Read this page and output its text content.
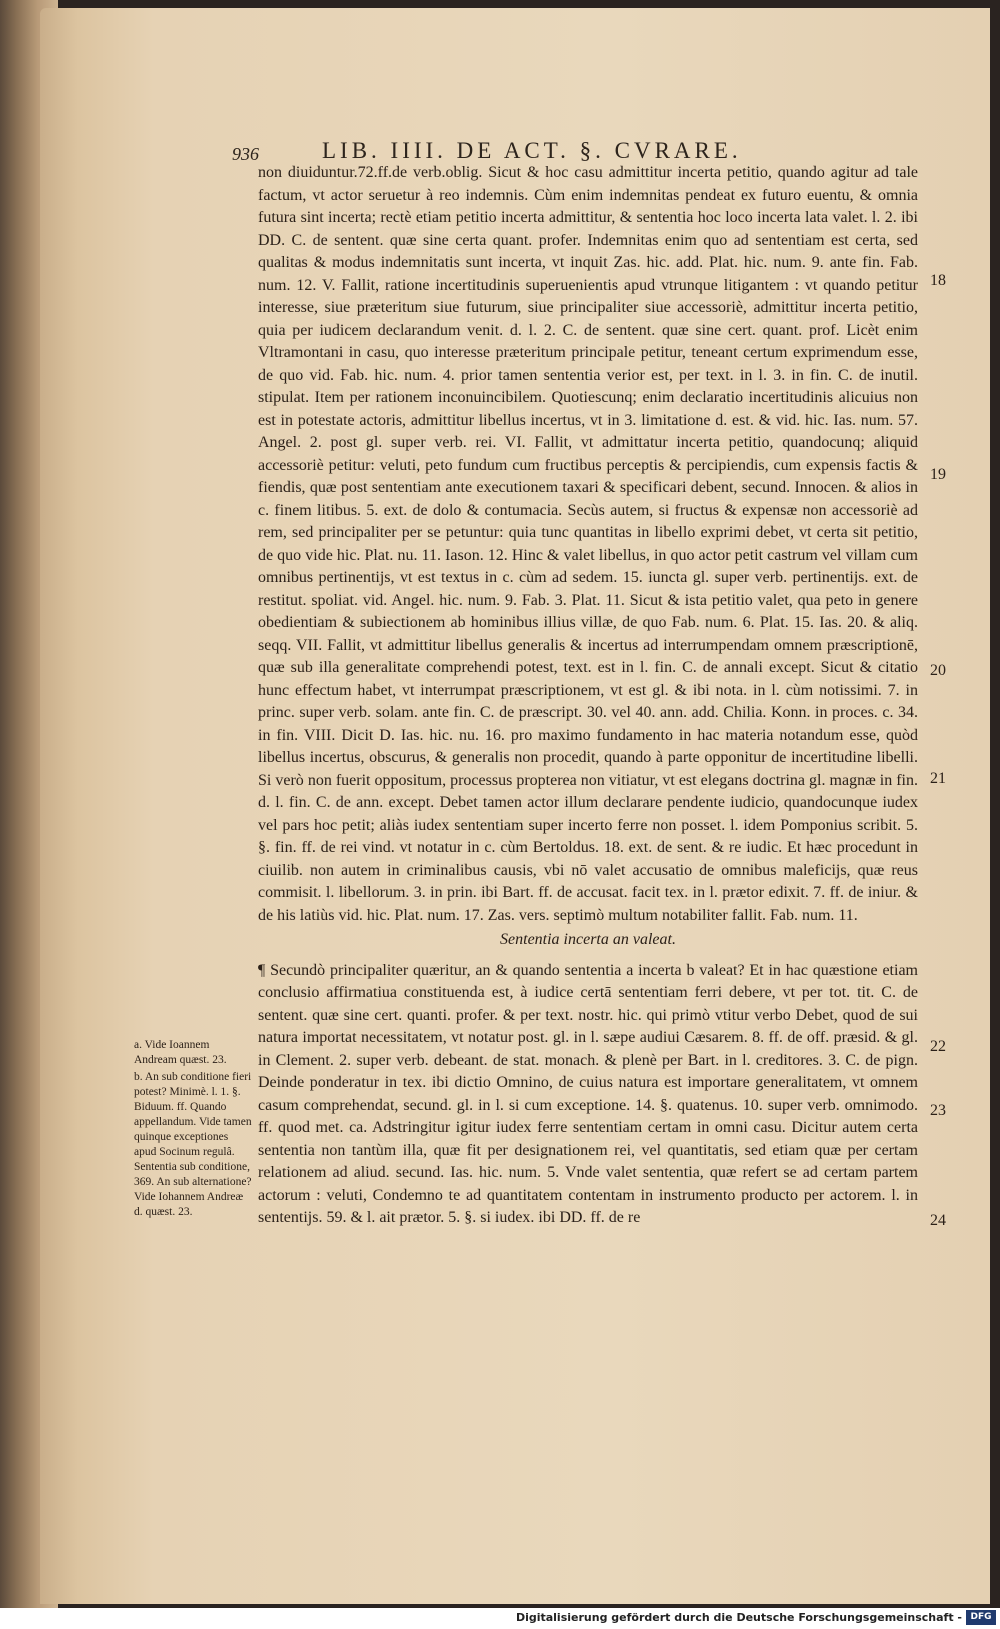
936	LIB. IIII. DE ACT. §. CVRARE.

non diuiduntur.72.ff.de verb.oblig. Sicut & hoc casu admittitur incerta petitio, quando agitur ad tale factum, vt actor seruetur à reo indemnis. Cùm enim indemnitas pendeat ex futuro euentu, & omnia futura sint incerta; rectè etiam petitio incerta admittitur, & sententia hoc loco incerta lata valet. l. 2. ibi DD. C. de sentent. quæ sine certa quant. profer. Indemnitas enim quo ad sententiam est certa, sed qualitas & modus indemnitatis sunt incerta, vt inquit Zas. hic. add. Plat. hic. num. 9. ante fin. Fab. num. 12. V. Fallit, ratione incertitudinis superuenientis apud vtrunque litigantem : vt quando petitur interesse, siue præteritum siue futurum, siue principaliter siue accessoriè, admittitur incerta petitio, quia per iudicem declarandum venit. d. l. 2. C. de sentent. quæ sine cert. quant. prof. Licèt enim Vltramontani in casu, quo interesse præteritum principale petitur, teneant certum exprimendum esse, de quo vid. Fab. hic. num. 4. prior tamen sententia verior est, per text. in l. 3. in fin. C. de inutil. stipulat. Item per rationem inconuincibilem. Quotiescunq; enim declaratio incertitudinis alicuius non est in potestate actoris, admittitur libellus incertus, vt in 3. limitatione d. est. & vid. hic. Ias. num. 57. Angel. 2. post gl. super verb. rei. VI. Fallit, vt admittatur incerta petitio, quandocunq; aliquid accessoriè petitur: veluti, peto fundum cum fructibus perceptis & percipiendis, cum expensis factis & fiendis, quæ post sententiam ante executionem taxari & specificari debent, secund. Innocen. & alios in c. finem litibus. 5. ext. de dolo & contumacia. Secùs autem, si fructus & expensæ non accessoriè ad rem, sed principaliter per se petuntur: quia tunc quantitas in libello exprimi debet, vt certa sit petitio, de quo vide hic. Plat. nu. 11. Iason. 12. Hinc & valet libellus, in quo actor petit castrum vel villam cum omnibus pertinentijs, vt est textus in c. cùm ad sedem. 15. iuncta gl. super verb. pertinentijs. ext. de restitut. spoliat. vid. Angel. hic. num. 9. Fab. 3. Plat. 11. Sicut & ista petitio valet, qua peto in genere obedientiam & subiectionem ab hominibus illius villæ, de quo Fab. num. 6. Plat. 15. Ias. 20. & aliq. seqq. VII. Fallit, vt admittitur libellus generalis & incertus ad interrumpendam omnem præscriptionē, quæ sub illa generalitate comprehendi potest, text. est in l. fin. C. de annali except. Sicut & citatio hunc effectum habet, vt interrumpat præscriptionem, vt est gl. & ibi nota. in l. cùm notissimi. 7. in princ. super verb. solam. ante fin. C. de præscript. 30. vel 40. ann. add. Chilia. Konn. in proces. c. 34. in fin. VIII. Dicit D. Ias. hic. nu. 16. pro maximo fundamento in hac materia notandum esse, quòd libellus incertus, obscurus, & generalis non procedit, quando à parte opponitur de incertitudine libelli. Si verò non fuerit oppositum, processus propterea non vitiatur, vt est elegans doctrina gl. magnæ in fin. d. l. fin. C. de ann. except. Debet tamen actor illum declarare pendente iudicio, quandocunque iudex vel pars hoc petit; aliàs iudex sententiam super incerto ferre non posset. l. idem Pomponius scribit. 5. §. fin. ff. de rei vind. vt notatur in c. cùm Bertoldus. 18. ext. de sent. & re iudic. Et hæc procedunt in ciuilib. non autem in criminalibus causis, vbi nō valet accusatio de omnibus maleficijs, quæ reus commisit. l. libellorum. 3. in prin. ibi Bart. ff. de accusat. facit tex. in l. prætor edixit. 7. ff. de iniur. & de his latiùs vid. hic. Plat. num. 17. Zas. vers. septimò multum notabiliter fallit. Fab. num. 11.

Sententia incerta an valeat.

¶ Secundò principaliter quæritur, an & quando sententia a incerta b valeat? Et in hac quæstione etiam conclusio affirmatiua constituenda est, à iudice certā sententiam ferri debere, vt per tot. tit. C. de sentent. quæ sine cert. quanti. profer. & per text. nostr. hic. qui primò vtitur verbo Debet, quod de sui natura importat necessitatem, vt notatur post. gl. in l. sæpe audiui Cæsarem. 8. ff. de off. præsid. & gl. in Clement. 2. super verb. debeant. de stat. monach. & plenè per Bart. in l. creditores. 3. C. de pign. Deinde ponderatur in tex. ibi dictio Omnino, de cuius natura est importare generalitatem, vt omnem casum comprehendat, secund. gl. in l. si cum exceptione. 14. §. quatenus. 10. super verb. omnimodo. ff. quod met. ca. Adstringitur igitur iudex ferre sententiam certam in omni casu. Dicitur autem certa sententia non tantùm illa, quæ fit per designationem rei, vel quantitatis, sed etiam quæ per certam relationem ad aliud. secund. Ias. hic. num. 5. Vnde valet sententia, quæ refert se ad certam partem actorum : veluti, Condemno te ad quantitatem contentam in instrumento producto per actorem. l. in sententijs. 59. & l. ait prætor. 5. §. si iudex. ibi DD. ff. de re

18
19
20
21
22
23
24

a. Vide Ioannem Andream quæst. 23.

b. An sub conditione fieri potest? Minimè. l. 1. §. Biduum. ff. Quando appellandum. Vide tamen quinque exceptiones apud Socinum regulâ. Sententia sub conditione, 369. An sub alternatione? Vide Iohannem Andreæ d. quæst. 23.

Digitalisierung gefördert durch die Deutsche Forschungsgemeinschaft - DFG
